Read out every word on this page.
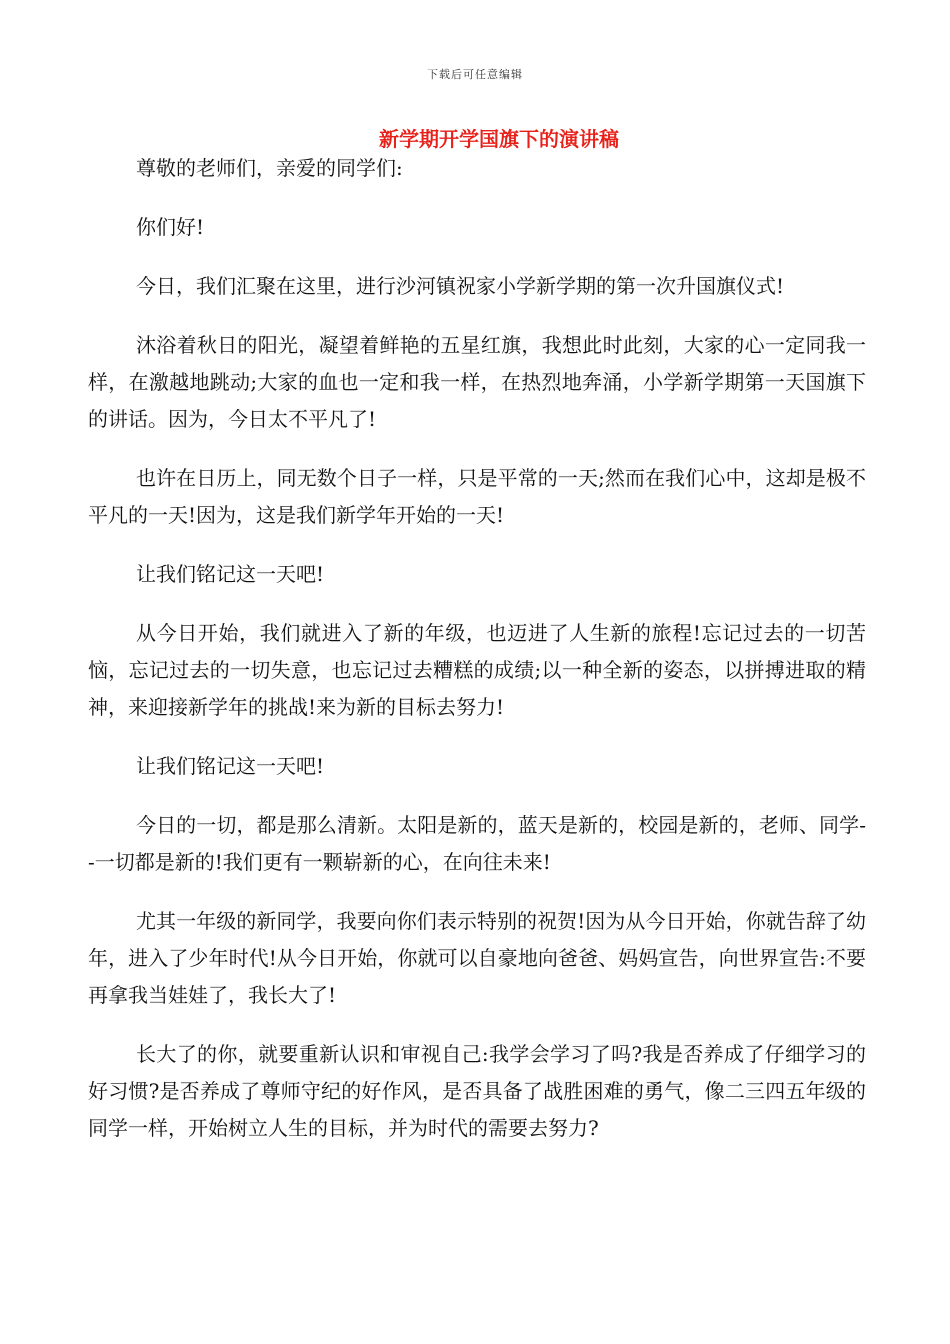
下载后可任意编辑
新学期开学国旗下的演讲稿

尊敬的老师们，亲爱的同学们:

你们好!

今日，我们汇聚在这里，进行沙河镇祝家小学新学期的第一次升国旗仪式!

沐浴着秋日的阳光，凝望着鲜艳的五星红旗，我想此时此刻，大家的心一定同我一样，在激越地跳动;大家的血也一定和我一样，在热烈地奔涌，小学新学期第一天国旗下的讲话。因为，今日太不平凡了!

也许在日历上，同无数个日子一样，只是平常的一天;然而在我们心中，这却是极不平凡的一天!因为，这是我们新学年开始的一天!

让我们铭记这一天吧!

从今日开始，我们就进入了新的年级，也迈进了人生新的旅程!忘记过去的一切苦恼，忘记过去的一切失意，也忘记过去糟糕的成绩;以一种全新的姿态，以拼搏进取的精神，来迎接新学年的挑战!来为新的目标去努力!

让我们铭记这一天吧!

今日的一切，都是那么清新。太阳是新的，蓝天是新的，校园是新的，老师、同学--一切都是新的!我们更有一颗崭新的心，在向往未来!

尤其一年级的新同学，我要向你们表示特别的祝贺!因为从今日开始，你就告辞了幼年，进入了少年时代!从今日开始，你就可以自豪地向爸爸、妈妈宣告，向世界宣告:不要再拿我当娃娃了，我长大了!

长大了的你，就要重新认识和审视自己:我学会学习了吗?我是否养成了仔细学习的好习惯?是否养成了尊师守纪的好作风，是否具备了战胜困难的勇气，像二三四五年级的同学一样，开始树立人生的目标，并为时代的需要去努力?
